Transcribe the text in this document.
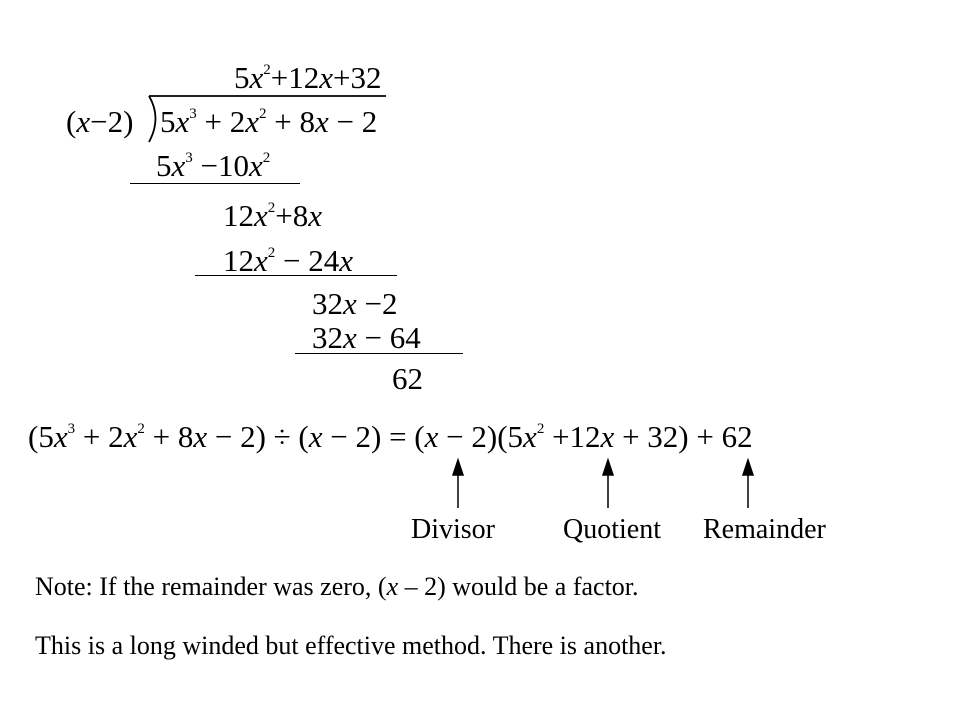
$5x^2+12x+32$
(x−2) $5x^3 + 2x^2 + 8x - 2$
$5x^3 -10x^2$
$12x^2+8x$
$12x^2 - 24x$
32x −2
32x − 64
62
$(5x^3 + 2x^2 + 8x - 2) \div (x - 2) = (x - 2)(5x^2 +12x + 32) + 62$
Divisor Quotient Remainder
Note: If the remainder was zero, (x – 2) would be a factor.
This is a long winded but effective method. There is another.
